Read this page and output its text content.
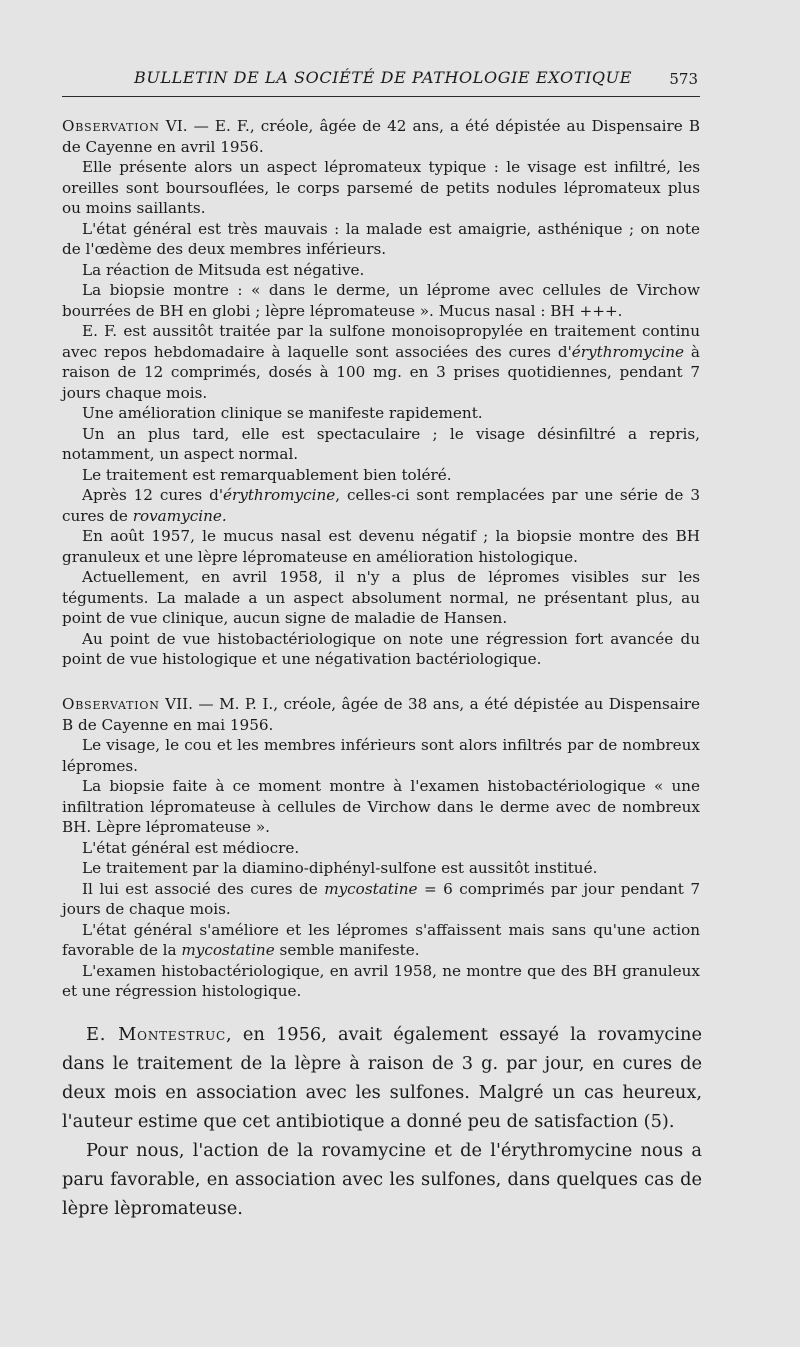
BULLETIN DE LA SOCIÉTÉ DE PATHOLOGIE EXOTIQUE 573

Observation VI. — E. F., créole, âgée de 42 ans, a été dépistée au Dispensaire B de Cayenne en avril 1956.

Elle présente alors un aspect lépromateux typique : le visage est infiltré, les oreilles sont boursouflées, le corps parsemé de petits nodules lépromateux plus ou moins saillants.

L'état général est très mauvais : la malade est amaigrie, asthénique ; on note de l'œdème des deux membres inférieurs.

La réaction de Mitsuda est négative.

La biopsie montre : « dans le derme, un léprome avec cellules de Virchow bourrées de BH en globi ; lèpre lépromateuse ». Mucus nasal : BH +++.

E. F. est aussitôt traitée par la sulfone monoisopropylée en traitement continu avec repos hebdomadaire à laquelle sont associées des cures d'érythromycine à raison de 12 comprimés, dosés à 100 mg. en 3 prises quotidiennes, pendant 7 jours chaque mois.

Une amélioration clinique se manifeste rapidement.

Un an plus tard, elle est spectaculaire ; le visage désinfiltré a repris, notamment, un aspect normal.

Le traitement est remarquablement bien toléré.

Après 12 cures d'érythromycine, celles-ci sont remplacées par une série de 3 cures de rovamycine.

En août 1957, le mucus nasal est devenu négatif ; la biopsie montre des BH granuleux et une lèpre lépromateuse en amélioration histologique.

Actuellement, en avril 1958, il n'y a plus de lépromes visibles sur les téguments. La malade a un aspect absolument normal, ne présentant plus, au point de vue clinique, aucun signe de maladie de Hansen.

Au point de vue histobactériologique on note une régression fort avancée du point de vue histologique et une négativation bactériologique.

Observation VII. — M. P. I., créole, âgée de 38 ans, a été dépistée au Dispensaire B de Cayenne en mai 1956.

Le visage, le cou et les membres inférieurs sont alors infiltrés par de nombreux lépromes.

La biopsie faite à ce moment montre à l'examen histobactériologique « une infiltration lépromateuse à cellules de Virchow dans le derme avec de nombreux BH. Lèpre lépromateuse ».

L'état général est médiocre.

Le traitement par la diamino-diphényl-sulfone est aussitôt institué.

Il lui est associé des cures de mycostatine = 6 comprimés par jour pendant 7 jours de chaque mois.

L'état général s'améliore et les lépromes s'affaissent mais sans qu'une action favorable de la mycostatine semble manifeste.

L'examen histobactériologique, en avril 1958, ne montre que des BH granuleux et une régression histologique.

E. Montestruc, en 1956, avait également essayé la rovamycine dans le traitement de la lèpre à raison de 3 g. par jour, en cures de deux mois en association avec les sulfones. Malgré un cas heureux, l'auteur estime que cet antibiotique a donné peu de satisfaction (5).

Pour nous, l'action de la rovamycine et de l'érythromycine nous a paru favorable, en association avec les sulfones, dans quelques cas de lèpre lèpromateuse.
